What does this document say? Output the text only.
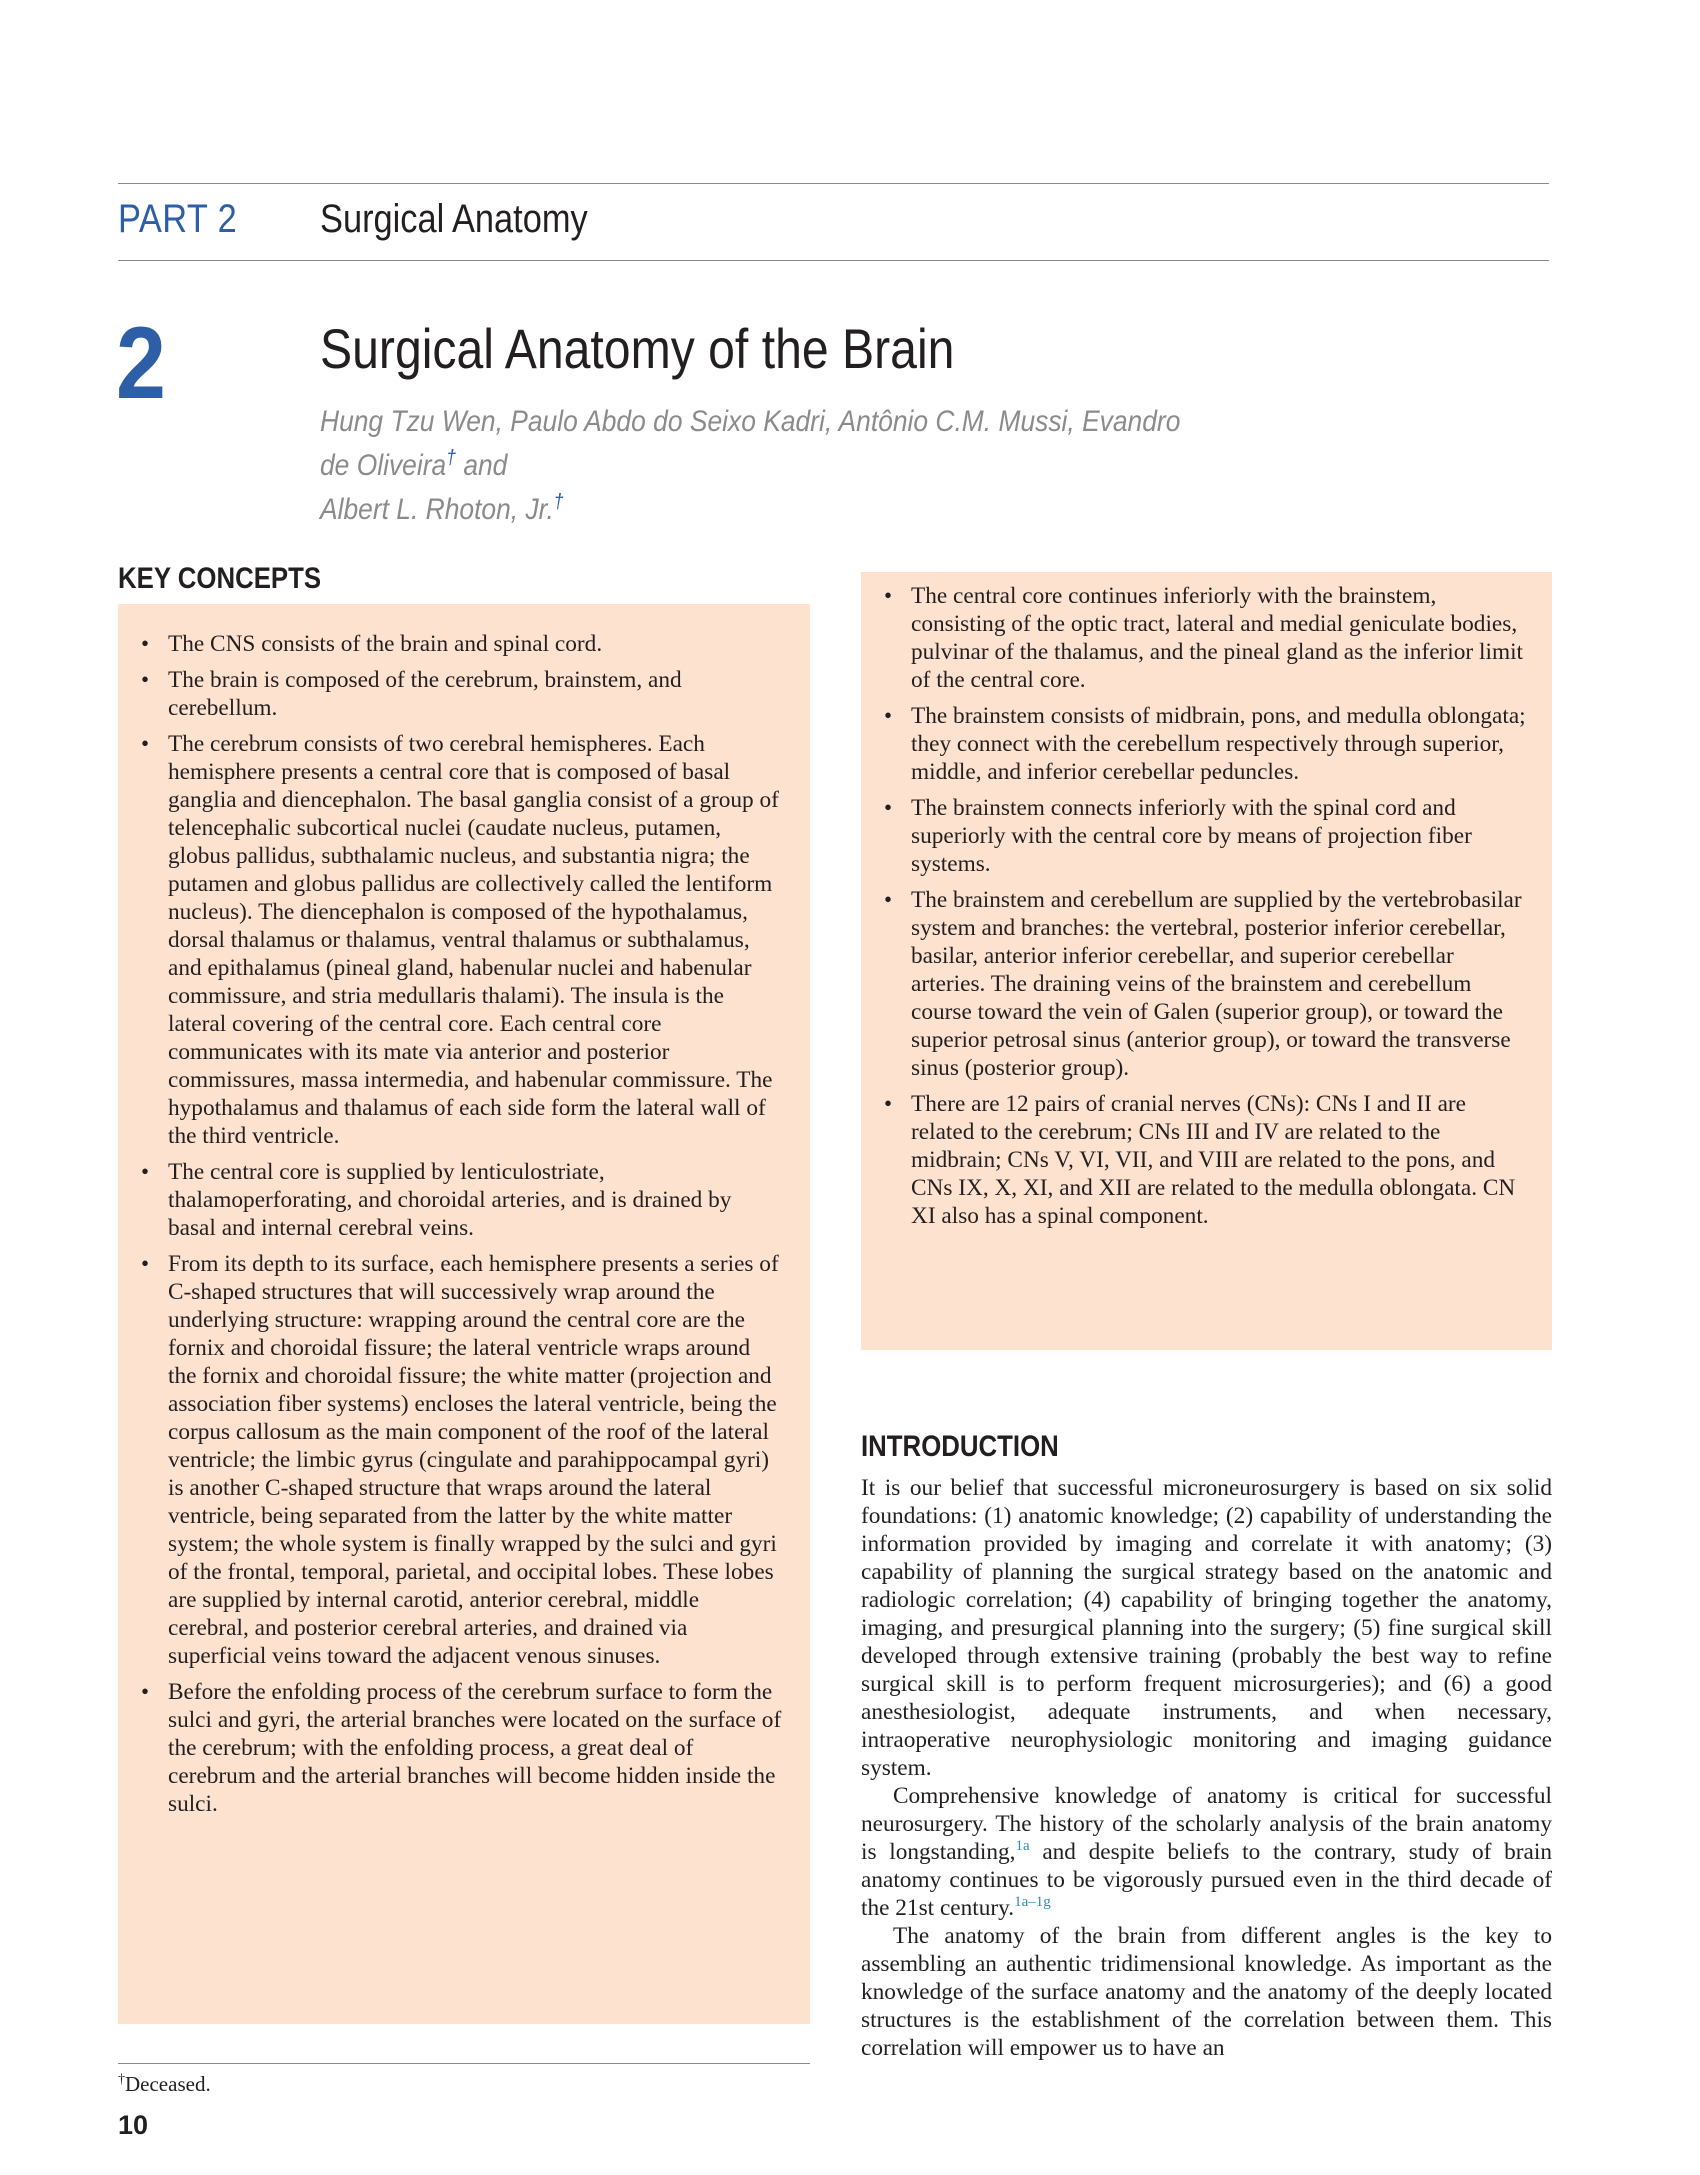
PART 2 Surgical Anatomy
2	Surgical Anatomy of the Brain
Hung Tzu Wen, Paulo Abdo do Seixo Kadri, Antônio C.M. Mussi, Evandro de Oliveira† and
Albert L. Rhoton, Jr.†
KEY CONCEPTS
• The CNS consists of the brain and spinal cord.
• The brain is composed of the cerebrum, brainstem, and cerebellum.
• The cerebrum consists of two cerebral hemispheres. Each hemisphere presents a central core that is composed of basal ganglia and diencephalon. The basal ganglia consist of a group of telencephalic subcortical nuclei (caudate nucleus, putamen, globus pallidus, subthalamic nucleus, and substantia nigra; the putamen and globus pallidus are collectively called the lentiform nucleus). The diencephalon is composed of the hypothalamus, dorsal thalamus or thalamus, ventral thalamus or subthalamus, and epithalamus (pineal gland, habenular nuclei and habenular commissure, and stria medullaris thalami). The insula is the lateral covering of the central core. Each central core communicates with its mate via anterior and posterior commissures, massa intermedia, and habenular commissure. The hypothalamus and thalamus of each side form the lateral wall of the third ventricle.
• The central core is supplied by lenticulostriate, thalamoperforating, and choroidal arteries, and is drained by basal and internal cerebral veins.
• From its depth to its surface, each hemisphere presents a series of C-shaped structures that will successively wrap around the underlying structure: wrapping around the central core are the fornix and choroidal fissure; the lateral ventricle wraps around the fornix and choroidal fissure; the white matter (projection and association fiber systems) encloses the lateral ventricle, being the corpus callosum as the main component of the roof of the lateral ventricle; the limbic gyrus (cingulate and parahippocampal gyri) is another C-shaped structure that wraps around the lateral ventricle, being separated from the latter by the white matter system; the whole system is finally wrapped by the sulci and gyri of the frontal, temporal, parietal, and occipital lobes. These lobes are supplied by internal carotid, anterior cerebral, middle cerebral, and posterior cerebral arteries, and drained via superficial veins toward the adjacent venous sinuses.
• Before the enfolding process of the cerebrum surface to form the sulci and gyri, the arterial branches were located on the surface of the cerebrum; with the enfolding process, a great deal of cerebrum and the arterial branches will become hidden inside the sulci.
• The central core continues inferiorly with the brainstem, consisting of the optic tract, lateral and medial geniculate bodies, pulvinar of the thalamus, and the pineal gland as the inferior limit of the central core.
• The brainstem consists of midbrain, pons, and medulla oblongata; they connect with the cerebellum respectively through superior, middle, and inferior cerebellar peduncles.
• The brainstem connects inferiorly with the spinal cord and superiorly with the central core by means of projection fiber systems.
• The brainstem and cerebellum are supplied by the vertebrobasilar system and branches: the vertebral, posterior inferior cerebellar, basilar, anterior inferior cerebellar, and superior cerebellar arteries. The draining veins of the brainstem and cerebellum course toward the vein of Galen (superior group), or toward the superior petrosal sinus (anterior group), or toward the transverse sinus (posterior group).
• There are 12 pairs of cranial nerves (CNs): CNs I and II are related to the cerebrum; CNs III and IV are related to the midbrain; CNs V, VI, VII, and VIII are related to the pons, and CNs IX, X, XI, and XII are related to the medulla oblongata. CN XI also has a spinal component.
INTRODUCTION

It is our belief that successful microneurosurgery is based on six solid foundations: (1) anatomic knowledge; (2) capability of understanding the information provided by imaging and correlate it with anatomy; (3) capability of planning the surgical strategy based on the anatomic and radiologic correlation; (4) capability of bringing together the anatomy, imaging, and presurgical planning into the surgery; (5) fine surgical skill developed through extensive training (probably the best way to refine surgical skill is to perform frequent microsurgeries); and (6) a good anesthesiologist, adequate instruments, and when necessary, intraoperative neurophysiologic monitoring and imaging guidance system.

Comprehensive knowledge of anatomy is critical for successful neurosurgery. The history of the scholarly analysis of the brain anatomy is longstanding,$^{1a}$ and despite beliefs to the contrary, study of brain anatomy continues to be vigorously pursued even in the third decade of the 21st century.$^{1a-1g}$

The anatomy of the brain from different angles is the key to assembling an authentic tridimensional knowledge. As important as the knowledge of the surface anatomy and the anatomy of the deeply located structures is the establishment of the correlation between them. This correlation will empower us to have an

†Deceased.
10
